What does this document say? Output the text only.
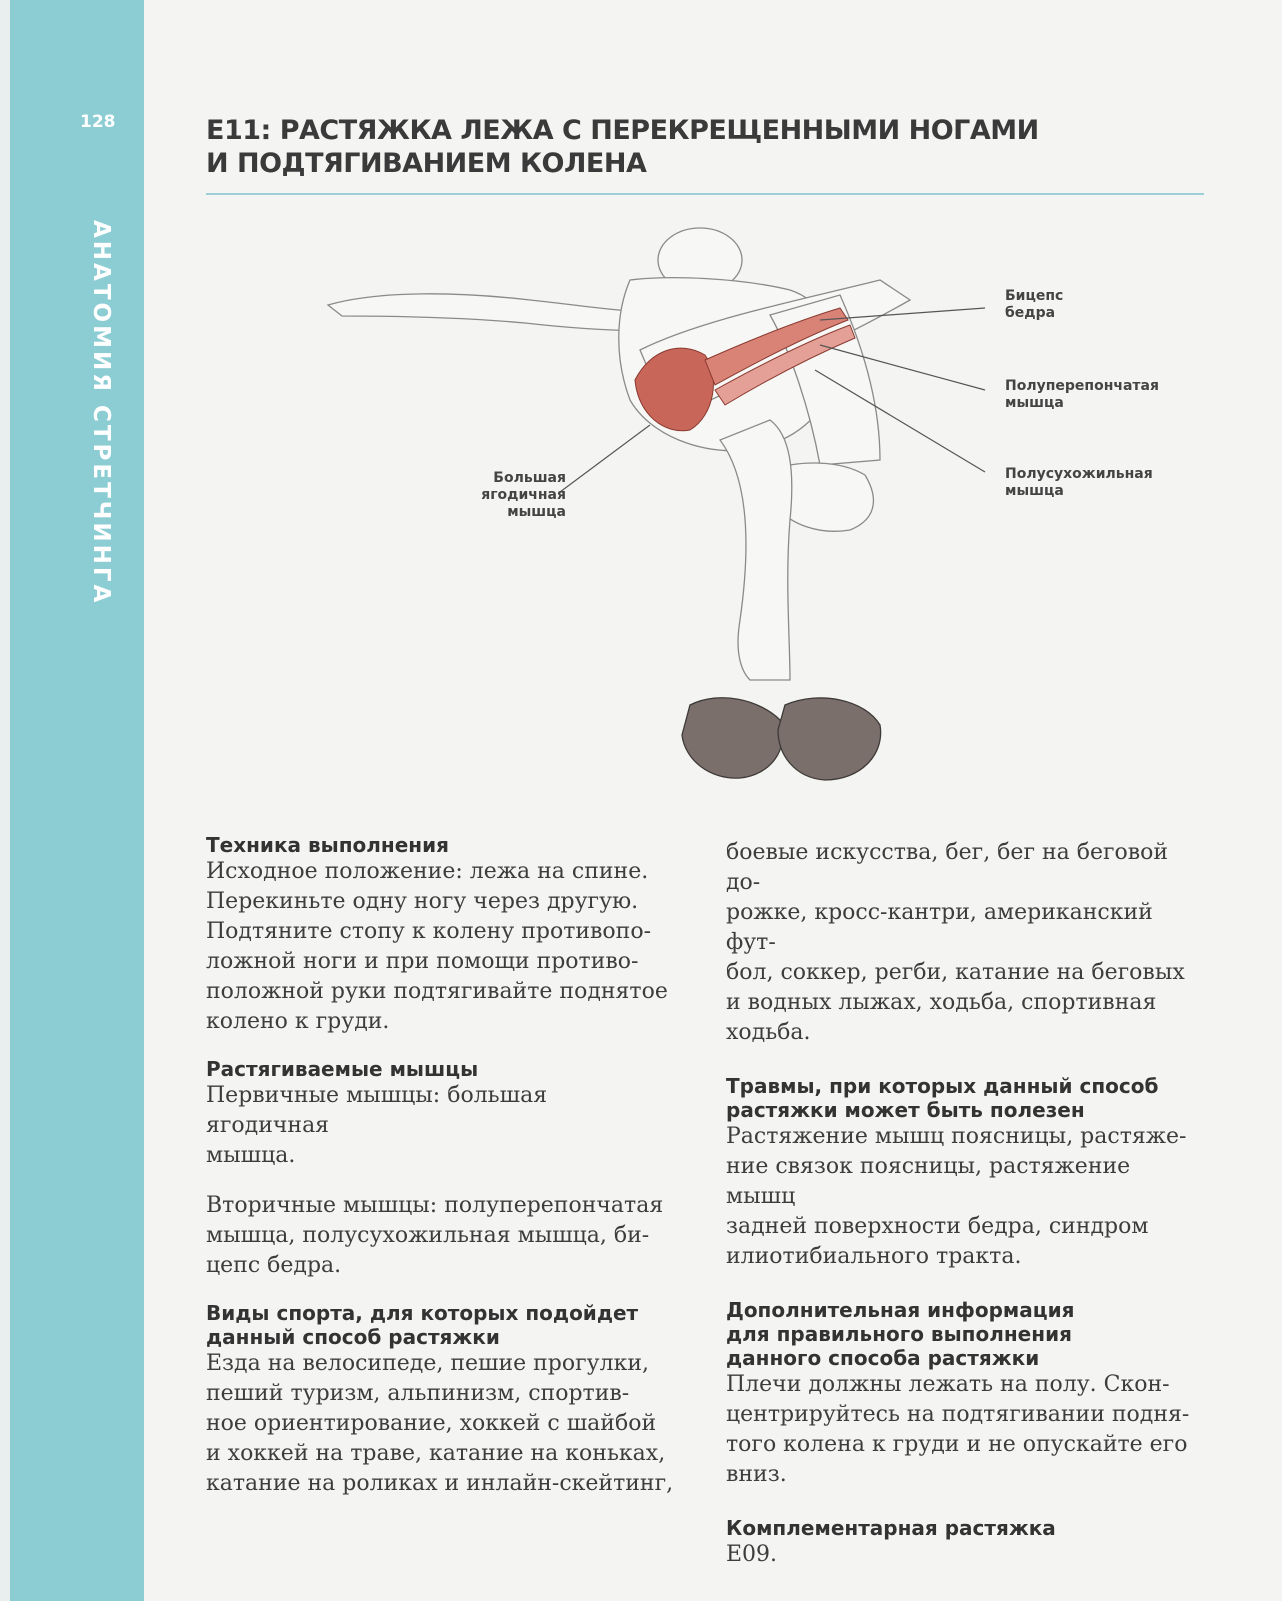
128
АНАТОМИЯ СТРЕТЧИНГА
E11: РАСТЯЖКА ЛЕЖА С ПЕРЕКРЕЩЕННЫМИ НОГАМИ
И ПОДТЯГИВАНИЕМ КОЛЕНА
Бицепс
бедра
Полуперепончатая
мышца
Полусухожильная
мышца
Большая
ягодичная
мышца

Техника выполнения

Исходное положение: лежа на спине.

Перекиньте одну ногу через другую.

Подтяните стопу к колену противопо-

ложной ноги и при помощи противо-

положной руки подтягивайте поднятое

колено к груди.

Растягиваемые мышцы

Первичные мышцы: большая ягодичная

мышца.

Вторичные мышцы: полуперепончатая

мышца, полусухожильная мышца, би-

цепс бедра.

Виды спорта, для которых подойдет

данный способ растяжки

Езда на велосипеде, пешие прогулки,

пеший туризм, альпинизм, спортив-

ное ориентирование, хоккей с шайбой

и хоккей на траве, катание на коньках,

катание на роликах и инлайн-скейтинг,

боевые искусства, бег, бег на беговой до-

рожке, кросс-кантри, американский фут-

бол, соккер, регби, катание на беговых

и водных лыжах, ходьба, спортивная

ходьба.

Травмы, при которых данный способ

растяжки может быть полезен

Растяжение мышц поясницы, растяже-

ние связок поясницы, растяжение мышц

задней поверхности бедра, синдром

илиотибиального тракта.

Дополнительная информация

для правильного выполнения

данного способа растяжки

Плечи должны лежать на полу. Скон-

центрируйтесь на подтягивании подня-

того колена к груди и не опускайте его

вниз.

Комплементарная растяжка

E09.
